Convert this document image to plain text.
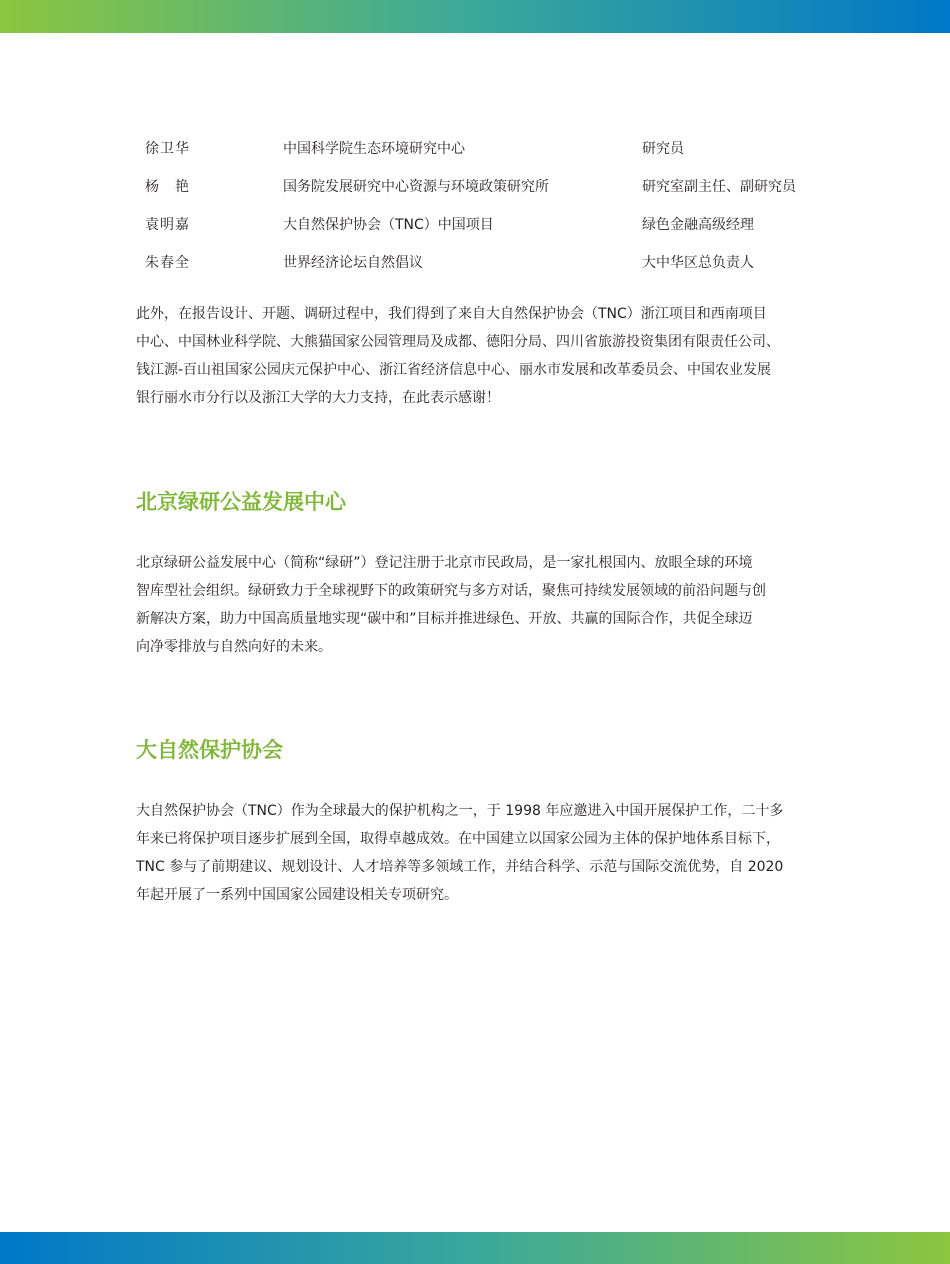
徐卫华	中国科学院生态环境研究中心	研究员
杨　艳	国务院发展研究中心资源与环境政策研究所	研究室副主任、副研究员
袁明嘉	大自然保护协会（TNC）中国项目	绿色金融高级经理
朱春全	世界经济论坛自然倡议	大中华区总负责人

此外，在报告设计、开题、调研过程中，我们得到了来自大自然保护协会（TNC）浙江项目和西南项目
中心、中国林业科学院、大熊猫国家公园管理局及成都、德阳分局、四川省旅游投资集团有限责任公司、
钱江源-百山祖国家公园庆元保护中心、浙江省经济信息中心、丽水市发展和改革委员会、中国农业发展
银行丽水市分行以及浙江大学的大力支持，在此表示感谢！

北京绿研公益发展中心

北京绿研公益发展中心（简称“绿研”）登记注册于北京市民政局，是一家扎根国内、放眼全球的环境
智库型社会组织。绿研致力于全球视野下的政策研究与多方对话，聚焦可持续发展领域的前沿问题与创
新解决方案，助力中国高质量地实现“碳中和”目标并推进绿色、开放、共赢的国际合作，共促全球迈
向净零排放与自然向好的未来。

大自然保护协会

大自然保护协会（TNC）作为全球最大的保护机构之一，于 1998 年应邀进入中国开展保护工作，二十多
年来已将保护项目逐步扩展到全国，取得卓越成效。在中国建立以国家公园为主体的保护地体系目标下，
TNC 参与了前期建议、规划设计、人才培养等多领域工作，并结合科学、示范与国际交流优势，自 2020
年起开展了一系列中国国家公园建设相关专项研究。
